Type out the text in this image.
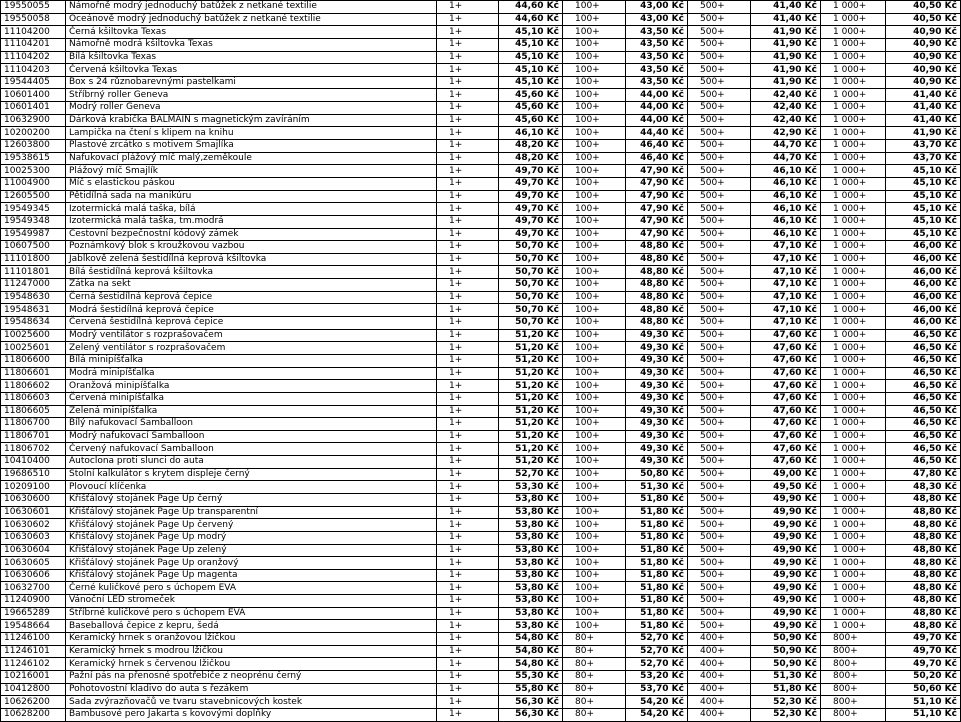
19550055	Námořně modrý jednoduchý batůžek z netkané textilie	1+	44,60 Kč	100+	43,00 Kč	500+	41,40 Kč	1 000+	40,50 Kč
19550058	Oceánově modrý jednoduchý batůžek z netkané textilie	1+	44,60 Kč	100+	43,00 Kč	500+	41,40 Kč	1 000+	40,50 Kč
11104200	Černá kšiltovka Texas	1+	45,10 Kč	100+	43,50 Kč	500+	41,90 Kč	1 000+	40,90 Kč
11104201	Námořně modrá kšiltovka Texas	1+	45,10 Kč	100+	43,50 Kč	500+	41,90 Kč	1 000+	40,90 Kč
11104202	Bílá kšiltovka Texas	1+	45,10 Kč	100+	43,50 Kč	500+	41,90 Kč	1 000+	40,90 Kč
11104203	Červená kšiltovka Texas	1+	45,10 Kč	100+	43,50 Kč	500+	41,90 Kč	1 000+	40,90 Kč
19544405	Box s 24 různobarevnými pastelkami	1+	45,10 Kč	100+	43,50 Kč	500+	41,90 Kč	1 000+	40,90 Kč
10601400	Stříbrný roller Geneva	1+	45,60 Kč	100+	44,00 Kč	500+	42,40 Kč	1 000+	41,40 Kč
10601401	Modrý roller Geneva	1+	45,60 Kč	100+	44,00 Kč	500+	42,40 Kč	1 000+	41,40 Kč
10632900	Dárková krabička BALMAIN s magnetickým zavíráním	1+	45,60 Kč	100+	44,00 Kč	500+	42,40 Kč	1 000+	41,40 Kč
10200200	Lampička na čtení s klipem na knihu	1+	46,10 Kč	100+	44,40 Kč	500+	42,90 Kč	1 000+	41,90 Kč
12603800	Plastové zrcátko s motivem Smajlíka	1+	48,20 Kč	100+	46,40 Kč	500+	44,70 Kč	1 000+	43,70 Kč
19538615	Nafukovací plážový míč malý,zeměkoule	1+	48,20 Kč	100+	46,40 Kč	500+	44,70 Kč	1 000+	43,70 Kč
10025300	Plážový míč Smajlík	1+	49,70 Kč	100+	47,90 Kč	500+	46,10 Kč	1 000+	45,10 Kč
11004900	Míč s elastickou páskou	1+	49,70 Kč	100+	47,90 Kč	500+	46,10 Kč	1 000+	45,10 Kč
12605500	Pětidílná sada na manikúru	1+	49,70 Kč	100+	47,90 Kč	500+	46,10 Kč	1 000+	45,10 Kč
19549345	Izotermická malá taška, bílá	1+	49,70 Kč	100+	47,90 Kč	500+	46,10 Kč	1 000+	45,10 Kč
19549348	Izotermická malá taška, tm.modrá	1+	49,70 Kč	100+	47,90 Kč	500+	46,10 Kč	1 000+	45,10 Kč
19549987	Cestovní bezpečnostní kódový zámek	1+	49,70 Kč	100+	47,90 Kč	500+	46,10 Kč	1 000+	45,10 Kč
10607500	Poznámkový blok s kroužkovou vazbou	1+	50,70 Kč	100+	48,80 Kč	500+	47,10 Kč	1 000+	46,00 Kč
11101800	Jablkově zelená šestidílná keprová kšiltovka	1+	50,70 Kč	100+	48,80 Kč	500+	47,10 Kč	1 000+	46,00 Kč
11101801	Bílá šestidílná keprová kšiltovka	1+	50,70 Kč	100+	48,80 Kč	500+	47,10 Kč	1 000+	46,00 Kč
11247000	Zátka na sekt	1+	50,70 Kč	100+	48,80 Kč	500+	47,10 Kč	1 000+	46,00 Kč
19548630	Černá šestidílná keprová čepice	1+	50,70 Kč	100+	48,80 Kč	500+	47,10 Kč	1 000+	46,00 Kč
19548631	Modrá šestidílná keprová čepice	1+	50,70 Kč	100+	48,80 Kč	500+	47,10 Kč	1 000+	46,00 Kč
19548634	Červená šestidílná keprová čepice	1+	50,70 Kč	100+	48,80 Kč	500+	47,10 Kč	1 000+	46,00 Kč
10025600	Modrý ventilátor s rozprašovačem	1+	51,20 Kč	100+	49,30 Kč	500+	47,60 Kč	1 000+	46,50 Kč
10025601	Zelený ventilátor s rozprašovačem	1+	51,20 Kč	100+	49,30 Kč	500+	47,60 Kč	1 000+	46,50 Kč
11806600	Bílá minipíšťalka	1+	51,20 Kč	100+	49,30 Kč	500+	47,60 Kč	1 000+	46,50 Kč
11806601	Modrá minipíšťalka	1+	51,20 Kč	100+	49,30 Kč	500+	47,60 Kč	1 000+	46,50 Kč
11806602	Oranžová minipíšťalka	1+	51,20 Kč	100+	49,30 Kč	500+	47,60 Kč	1 000+	46,50 Kč
11806603	Červená minipíšťalka	1+	51,20 Kč	100+	49,30 Kč	500+	47,60 Kč	1 000+	46,50 Kč
11806605	Zelená minipíšťalka	1+	51,20 Kč	100+	49,30 Kč	500+	47,60 Kč	1 000+	46,50 Kč
11806700	Bílý nafukovací Samballoon	1+	51,20 Kč	100+	49,30 Kč	500+	47,60 Kč	1 000+	46,50 Kč
11806701	Modrý nafukovací Samballoon	1+	51,20 Kč	100+	49,30 Kč	500+	47,60 Kč	1 000+	46,50 Kč
11806702	Červený nafukovací Samballoon	1+	51,20 Kč	100+	49,30 Kč	500+	47,60 Kč	1 000+	46,50 Kč
10410400	Autoclona proti slunci do auta	1+	51,20 Kč	100+	49,30 Kč	500+	47,60 Kč	1 000+	46,50 Kč
19686510	Stolní kalkulátor s krytem displeje černý	1+	52,70 Kč	100+	50,80 Kč	500+	49,00 Kč	1 000+	47,80 Kč
10209100	Plovoucí klíčenka	1+	53,30 Kč	100+	51,30 Kč	500+	49,50 Kč	1 000+	48,30 Kč
10630600	Křišťálový stojánek Page Up černý	1+	53,80 Kč	100+	51,80 Kč	500+	49,90 Kč	1 000+	48,80 Kč
10630601	Křišťálový stojánek Page Up transparentní	1+	53,80 Kč	100+	51,80 Kč	500+	49,90 Kč	1 000+	48,80 Kč
10630602	Křišťálový stojánek Page Up červený	1+	53,80 Kč	100+	51,80 Kč	500+	49,90 Kč	1 000+	48,80 Kč
10630603	Křišťálový stojánek Page Up modrý	1+	53,80 Kč	100+	51,80 Kč	500+	49,90 Kč	1 000+	48,80 Kč
10630604	Křišťálový stojánek Page Up zelený	1+	53,80 Kč	100+	51,80 Kč	500+	49,90 Kč	1 000+	48,80 Kč
10630605	Křišťálový stojánek Page Up oranžový	1+	53,80 Kč	100+	51,80 Kč	500+	49,90 Kč	1 000+	48,80 Kč
10630606	Křišťálový stojánek Page Up magenta	1+	53,80 Kč	100+	51,80 Kč	500+	49,90 Kč	1 000+	48,80 Kč
10632700	Černé kuličkové pero s úchopem EVA	1+	53,80 Kč	100+	51,80 Kč	500+	49,90 Kč	1 000+	48,80 Kč
11240900	Vánoční LED stromeček	1+	53,80 Kč	100+	51,80 Kč	500+	49,90 Kč	1 000+	48,80 Kč
19665289	Stříbrné kuličkové pero s úchopem EVA	1+	53,80 Kč	100+	51,80 Kč	500+	49,90 Kč	1 000+	48,80 Kč
19548664	Baseballová čepice z kepru, šedá	1+	53,80 Kč	100+	51,80 Kč	500+	49,90 Kč	1 000+	48,80 Kč
11246100	Keramický hrnek s oranžovou lžičkou	1+	54,80 Kč	80+	52,70 Kč	400+	50,90 Kč	800+	49,70 Kč
11246101	Keramický hrnek s modrou lžičkou	1+	54,80 Kč	80+	52,70 Kč	400+	50,90 Kč	800+	49,70 Kč
11246102	Keramický hrnek s červenou lžičkou	1+	54,80 Kč	80+	52,70 Kč	400+	50,90 Kč	800+	49,70 Kč
10216001	Pažní pás na přenosné spotřebiče z neoprénu černý	1+	55,30 Kč	80+	53,20 Kč	400+	51,30 Kč	800+	50,20 Kč
10412800	Pohotovostní kladivo do auta s řezákem	1+	55,80 Kč	80+	53,70 Kč	400+	51,80 Kč	800+	50,60 Kč
10626200	Sada zvýrazňovačů ve tvaru stavebnicových kostek	1+	56,30 Kč	80+	54,20 Kč	400+	52,30 Kč	800+	51,10 Kč
10628200	Bambusové pero Jakarta s kovovými doplňky	1+	56,30 Kč	80+	54,20 Kč	400+	52,30 Kč	800+	51,10 Kč
